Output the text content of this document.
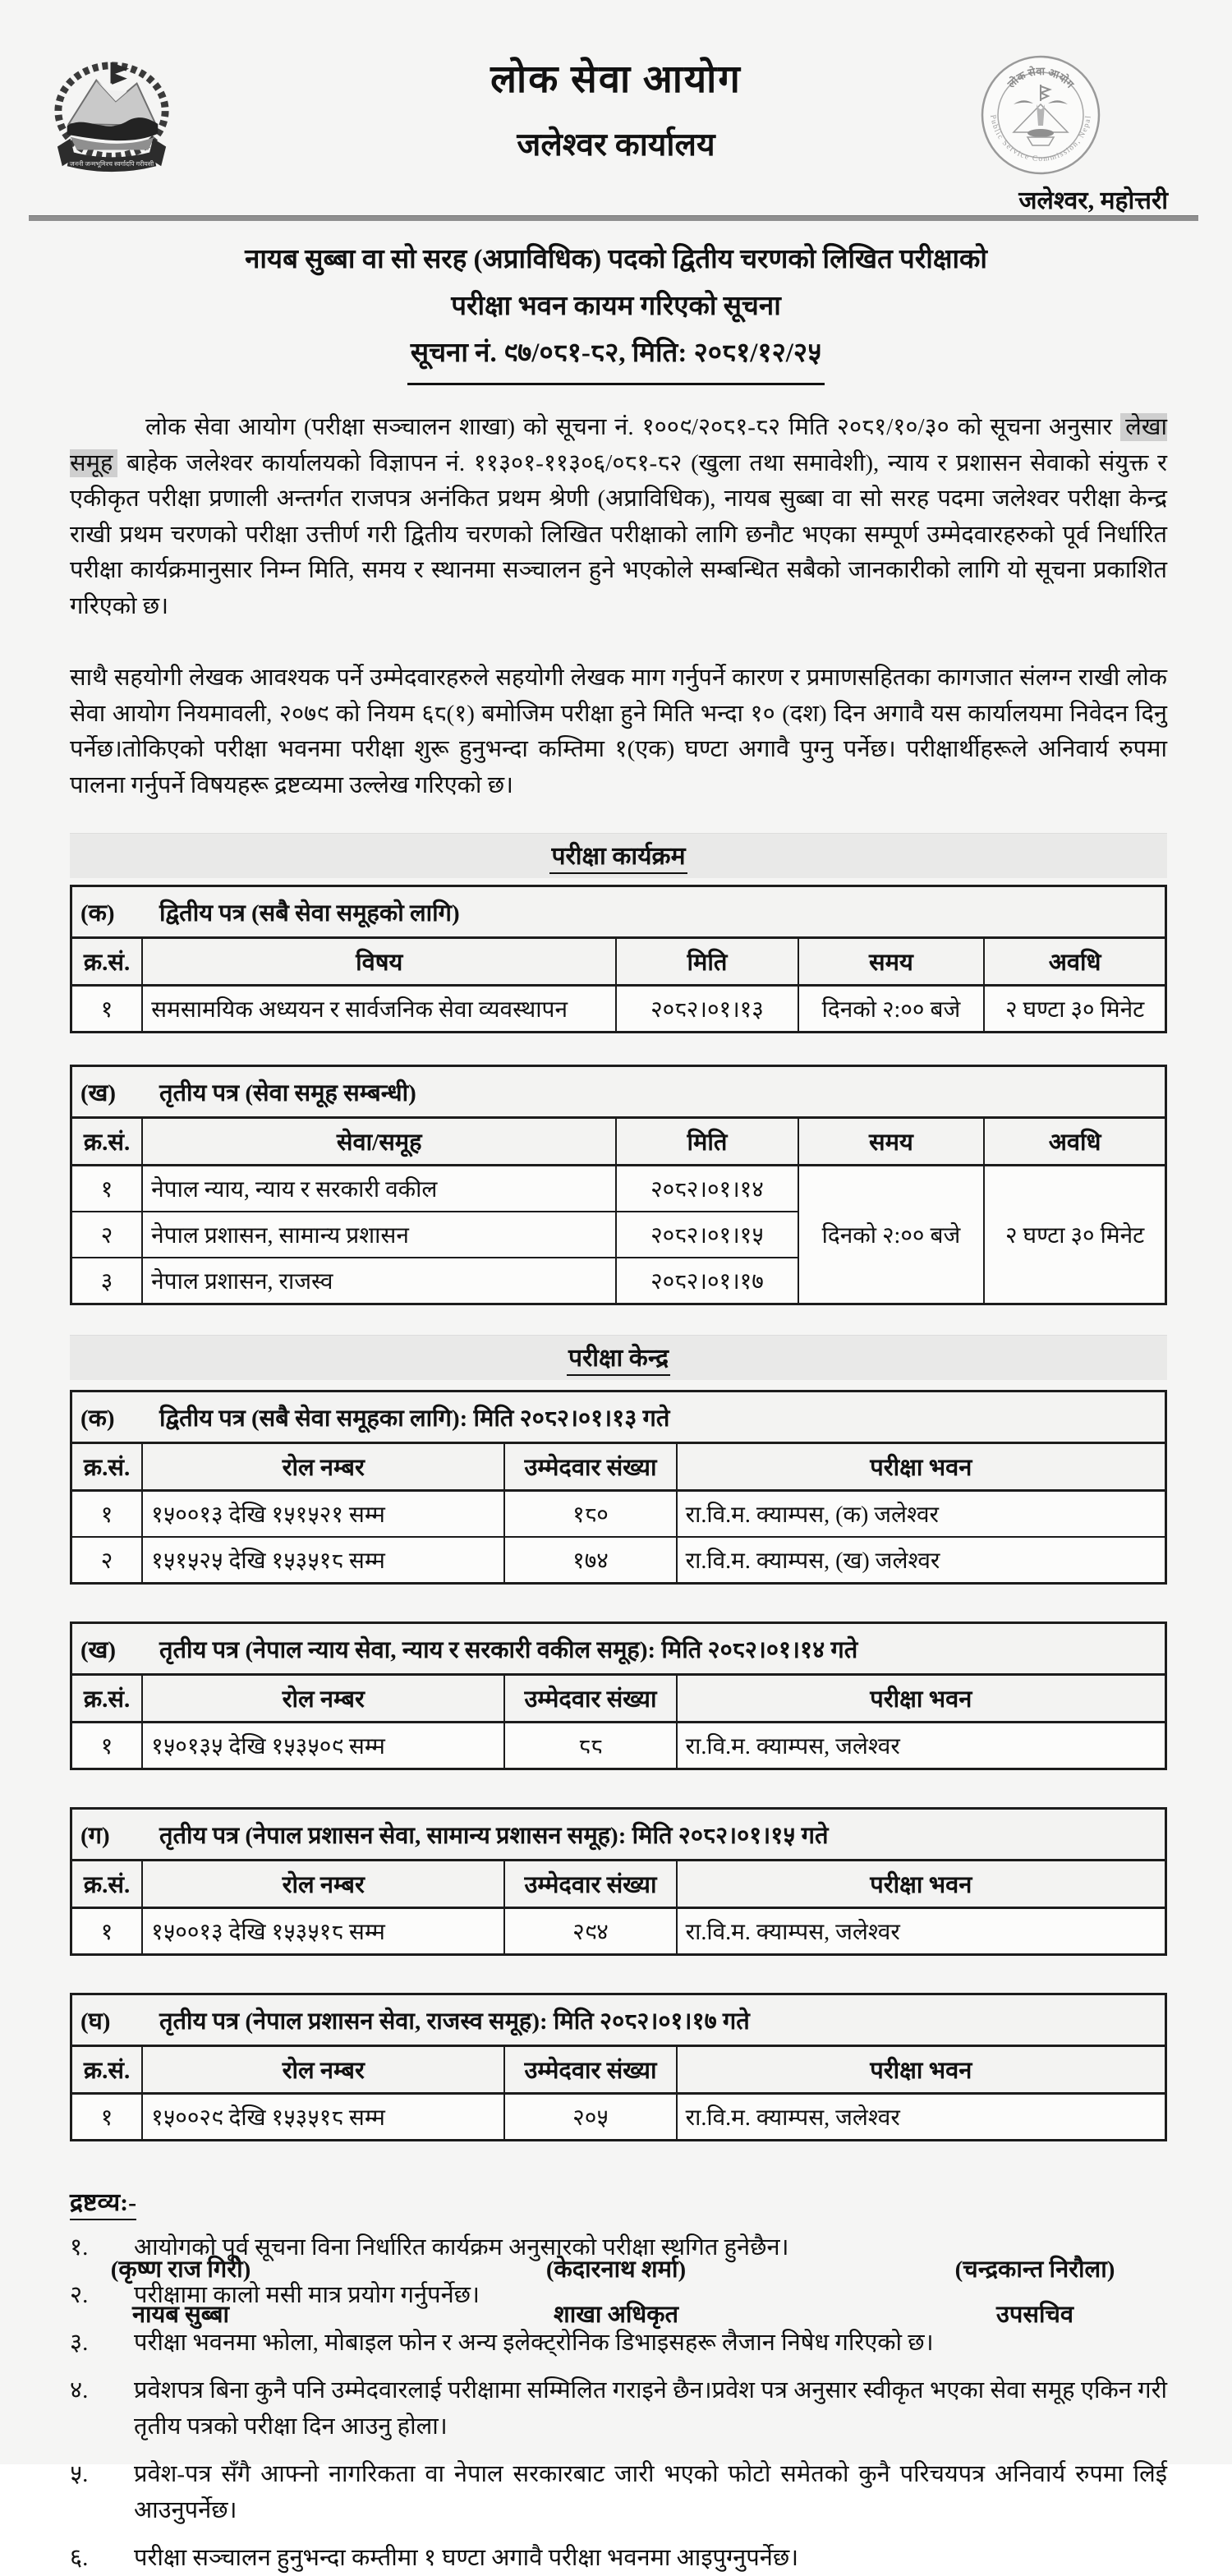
जननी जन्मभूमिश्च स्वर्गादपि गरीयसी
लोक सेवा आयोग
Public Service Commission, Nepal
लोक सेवा आयोग
जलेश्वर कार्यालय
जलेश्वर, महोत्तरी
नायब सुब्बा वा सो सरह (अप्राविधिक) पदको द्वितीय चरणको लिखित परीक्षाको
परीक्षा भवन कायम गरिएको सूचना
सूचना नं. ९७/०८१-८२, मिति: २०८१/१२/२५

लोक सेवा आयोग (परीक्षा सञ्चालन शाखा) को सूचना नं. १००९/२०८१-८२ मिति २०८१/१०/३० को सूचना अनुसार लेखा समूह बाहेक जलेश्वर कार्यालयको विज्ञापन नं. ११३०१-११३०६/०८१-८२ (खुला तथा समावेशी), न्याय र प्रशासन सेवाको संयुक्त र एकीकृत परीक्षा प्रणाली अन्तर्गत राजपत्र अनंकित प्रथम श्रेणी (अप्राविधिक), नायब सुब्बा वा सो सरह पदमा जलेश्वर परीक्षा केन्द्र राखी प्रथम चरणको परीक्षा उत्तीर्ण गरी द्वितीय चरणको लिखित परीक्षाको लागि छनौट भएका सम्पूर्ण उम्मेदवारहरुको पूर्व निर्धारित परीक्षा कार्यक्रमानुसार निम्न मिति, समय र स्थानमा सञ्चालन हुने भएकोले सम्बन्धित सबैको जानकारीको लागि यो सूचना प्रकाशित गरिएको छ।

साथै सहयोगी लेखक आवश्यक पर्ने उम्मेदवारहरुले सहयोगी लेखक माग गर्नुपर्ने कारण र प्रमाणसहितका कागजात संलग्न राखी लोक सेवा आयोग नियमावली, २०७९ को नियम ६८(१) बमोजिम परीक्षा हुने मिति भन्दा १० (दश) दिन अगावै यस कार्यालयमा निवेदन दिनु पर्नेछ।तोकिएको परीक्षा भवनमा परीक्षा शुरू हुनुभन्दा कम्तिमा १(एक) घण्टा अगावै पुग्नु पर्नेछ। परीक्षार्थीहरूले अनिवार्य रुपमा पालना गर्नुपर्ने विषयहरू द्रष्टव्यमा उल्लेख गरिएको छ।

परीक्षा कार्यक्रम
(क) द्वितीय पत्र (सबै सेवा समूहको लागि)				
क्र.सं.	विषय	मिति	समय	अवधि
१	समसामयिक अध्ययन र सार्वजनिक सेवा व्यवस्थापन	२०८२।०१।१३	दिनको २:०० बजे	२ घण्टा ३० मिनेट
(ख) तृतीय पत्र (सेवा समूह सम्बन्धी)				
क्र.सं.	सेवा/समूह	मिति	समय	अवधि
१	नेपाल न्याय, न्याय र सरकारी वकील	२०८२।०१।१४	दिनको २:०० बजे	२ घण्टा ३० मिनेट
२	नेपाल प्रशासन, सामान्य प्रशासन	२०८२।०१।१५		
३	नेपाल प्रशासन, राजस्व	२०८२।०१।१७		
परीक्षा केन्द्र
(क) द्वितीय पत्र (सबै सेवा समूहका लागि): मिति २०८२।०१।१३ गते			
क्र.सं.	रोल नम्बर	उम्मेदवार संख्या	परीक्षा भवन
१	१५००१३ देखि १५१५२१ सम्म	१८०	रा.वि.म. क्याम्पस, (क) जलेश्वर
२	१५१५२५ देखि १५३५१८ सम्म	१७४	रा.वि.म. क्याम्पस, (ख) जलेश्वर
(ख) तृतीय पत्र (नेपाल न्याय सेवा, न्याय र सरकारी वकील समूह): मिति २०८२।०१।१४ गते			
क्र.सं.	रोल नम्बर	उम्मेदवार संख्या	परीक्षा भवन
१	१५०१३५ देखि १५३५०९ सम्म	८८	रा.वि.म. क्याम्पस, जलेश्वर
(ग) तृतीय पत्र (नेपाल प्रशासन सेवा, सामान्य प्रशासन समूह): मिति २०८२।०१।१५ गते			
क्र.सं.	रोल नम्बर	उम्मेदवार संख्या	परीक्षा भवन
१	१५००१३ देखि १५३५१८ सम्म	२९४	रा.वि.म. क्याम्पस, जलेश्वर
(घ) तृतीय पत्र (नेपाल प्रशासन सेवा, राजस्व समूह): मिति २०८२।०१।१७ गते			
क्र.सं.	रोल नम्बर	उम्मेदवार संख्या	परीक्षा भवन
१	१५००२९ देखि १५३५१८ सम्म	२०५	रा.वि.म. क्याम्पस, जलेश्वर
द्रष्टव्य:-
१.	आयोगको पूर्व सूचना विना निर्धारित कार्यक्रम अनुसारको परीक्षा स्थगित हुनेछैन।
२.	परीक्षामा कालो मसी मात्र प्रयोग गर्नुपर्नेछ।
३.	परीक्षा भवनमा झोला, मोबाइल फोन र अन्य इलेक्ट्रोनिक डिभाइसहरू लैजान निषेध गरिएको छ।
४.	प्रवेशपत्र बिना कुनै पनि उम्मेदवारलाई परीक्षामा सम्मिलित गराइने छैन।प्रवेश पत्र अनुसार स्वीकृत भएका सेवा समूह एकिन गरी तृतीय पत्रको परीक्षा दिन आउनु होला।
५.	प्रवेश-पत्र सँगै आफ्नो नागरिकता वा नेपाल सरकारबाट जारी भएको फोटो समेतको कुनै परिचयपत्र अनिवार्य रुपमा लिई आउनुपर्नेछ।
६.	परीक्षा सञ्चालन हुनुभन्दा कम्तीमा १ घण्टा अगावै परीक्षा भवनमा आइपुग्नुपर्नेछ।
(कृष्ण राज गिरी)
नायब सुब्बा
(केदारनाथ शर्मा)
शाखा अधिकृत
(चन्द्रकान्त निरौला)
उपसचिव
